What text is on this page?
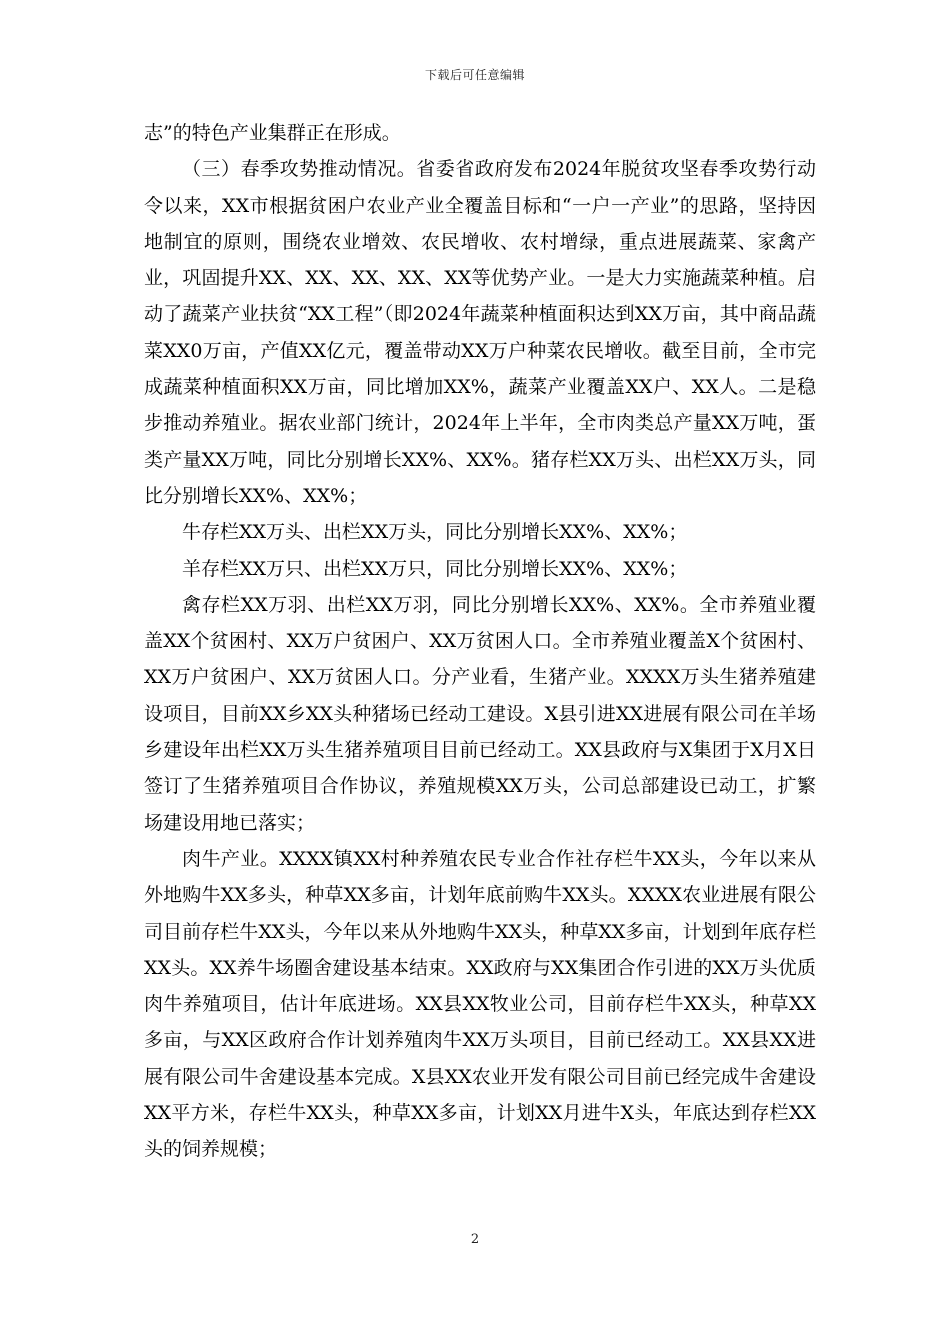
下载后可任意编辑

志”的特色产业集群正在形成。

（三）春季攻势推动情况。省委省政府发布2024年脱贫攻坚春季攻势行动令以来，XX市根据贫困户农业产业全覆盖目标和“一户一产业”的思路，坚持因地制宜的原则，围绕农业增效、农民增收、农村增绿，重点进展蔬菜、家禽产业，巩固提升XX、XX、XX、XX、XX等优势产业。一是大力实施蔬菜种植。启动了蔬菜产业扶贫“XX工程”（即2024年蔬菜种植面积达到XX万亩，其中商品蔬菜XX0万亩，产值XX亿元，覆盖带动XX万户种菜农民增收。截至目前，全市完成蔬菜种植面积XX万亩，同比增加XX%，蔬菜产业覆盖XX户、XX人。二是稳步推动养殖业。据农业部门统计，2024年上半年，全市肉类总产量XX万吨，蛋类产量XX万吨，同比分别增长XX%、XX%。猪存栏XX万头、出栏XX万头，同比分别增长XX%、XX%；

牛存栏XX万头、出栏XX万头，同比分别增长XX%、XX%；

羊存栏XX万只、出栏XX万只，同比分别增长XX%、XX%；

禽存栏XX万羽、出栏XX万羽，同比分别增长XX%、XX%。全市养殖业覆盖XX个贫困村、XX万户贫困户、XX万贫困人口。全市养殖业覆盖X个贫困村、XX万户贫困户、XX万贫困人口。分产业看，生猪产业。XXXX万头生猪养殖建设项目，目前XX乡XX头种猪场已经动工建设。X县引进XX进展有限公司在羊场乡建设年出栏XX万头生猪养殖项目目前已经动工。XX县政府与X集团于X月X日签订了生猪养殖项目合作协议，养殖规模XX万头，公司总部建设已动工，扩繁场建设用地已落实；

肉牛产业。XXXX镇XX村种养殖农民专业合作社存栏牛XX头，今年以来从外地购牛XX多头，种草XX多亩，计划年底前购牛XX头。XXXX农业进展有限公司目前存栏牛XX头，今年以来从外地购牛XX头，种草XX多亩，计划到年底存栏XX头。XX养牛场圈舍建设基本结束。XX政府与XX集团合作引进的XX万头优质肉牛养殖项目，估计年底进场。XX县XX牧业公司，目前存栏牛XX头，种草XX多亩，与XX区政府合作计划养殖肉牛XX万头项目，目前已经动工。XX县XX进展有限公司牛舍建设基本完成。X县XX农业开发有限公司目前已经完成牛舍建设XX平方米，存栏牛XX头，种草XX多亩，计划XX月进牛X头，年底达到存栏XX头的饲养规模；

2
